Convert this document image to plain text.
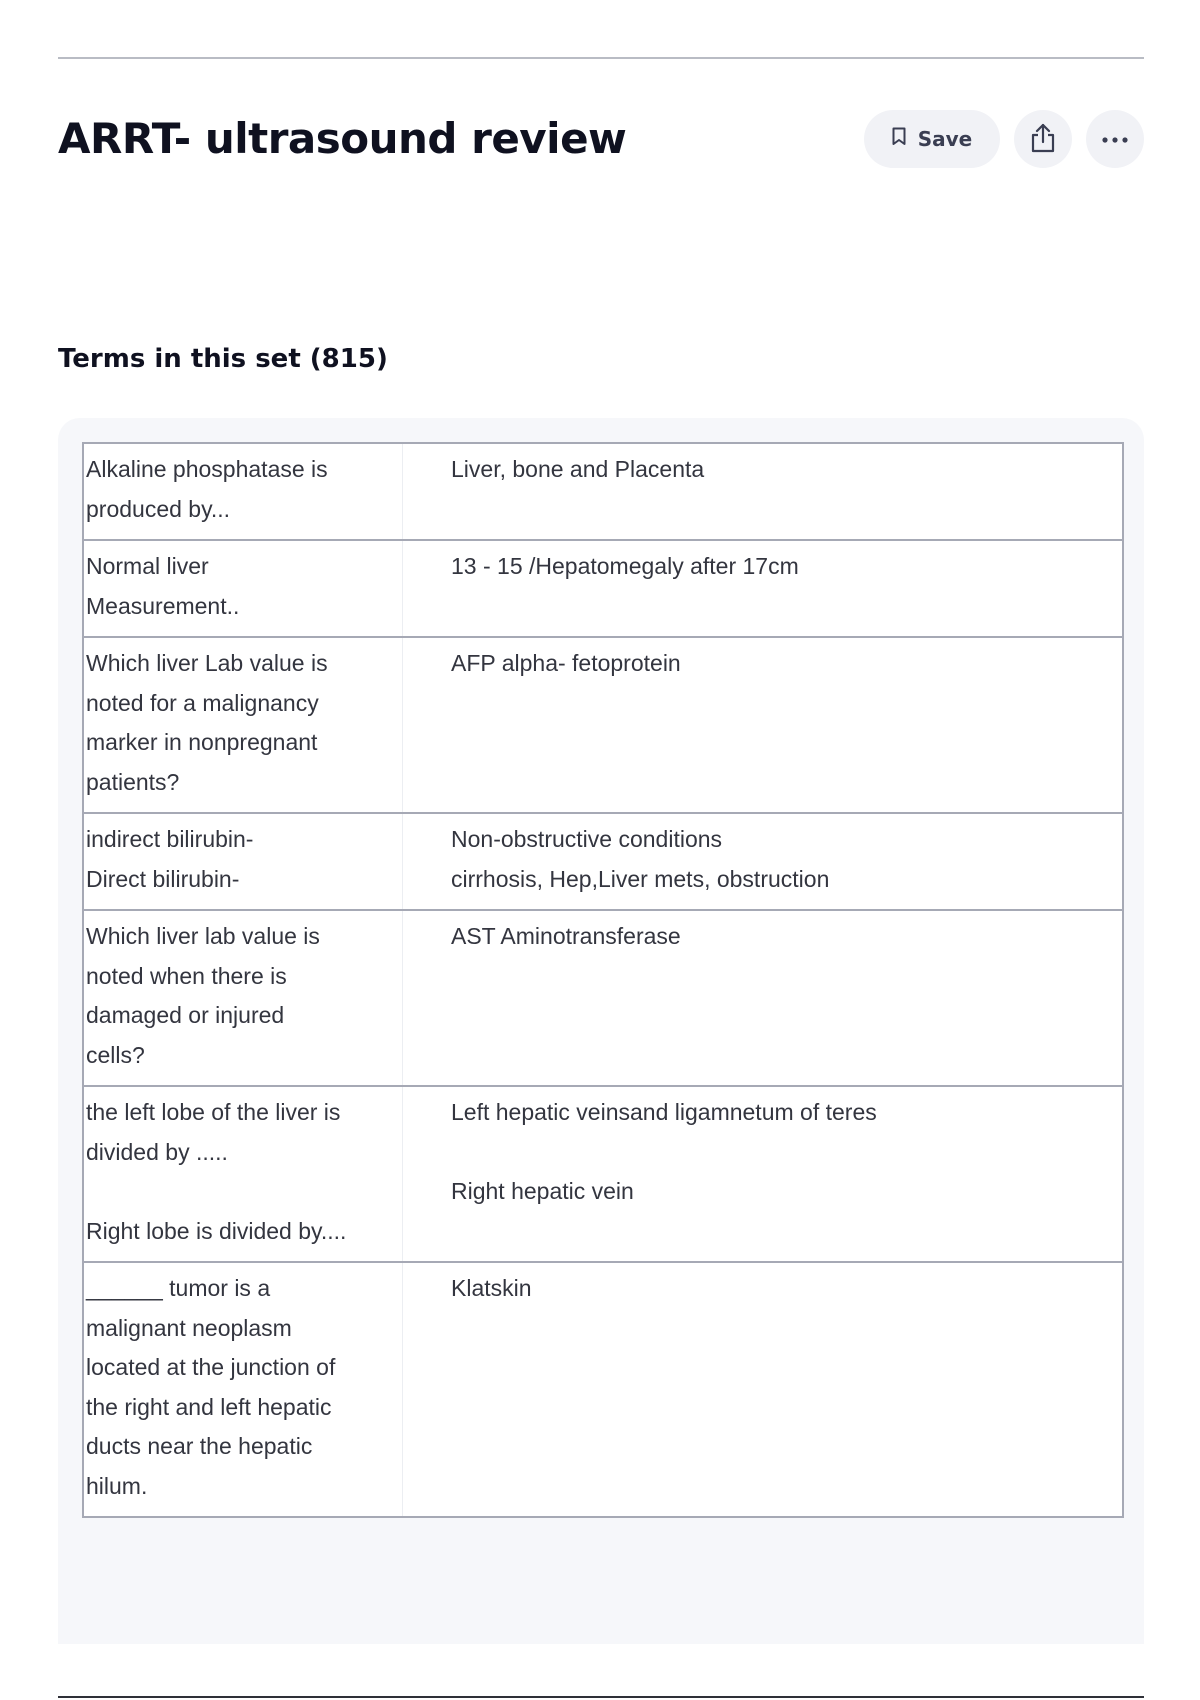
ARRT- ultrasound review	Save
Terms in this set (815)
Alkaline phosphatase is
produced by...
Liver, bone and Placenta
Normal liver
Measurement..
13 - 15 /Hepatomegaly after 17cm
Which liver Lab value is
noted for a malignancy
marker in nonpregnant
patients?
AFP alpha- fetoprotein
indirect bilirubin-
Direct bilirubin-
Non-obstructive conditions
cirrhosis, Hep,Liver mets, obstruction
Which liver lab value is
noted when there is
damaged or injured
cells?
AST Aminotransferase
the left lobe of the liver is
divided by .....

Right lobe is divided by....
Left hepatic veinsand ligamnetum of teres

Right hepatic vein
______ tumor is a
malignant neoplasm
located at the junction of
the right and left hepatic
ducts near the hepatic
hilum.
Klatskin
